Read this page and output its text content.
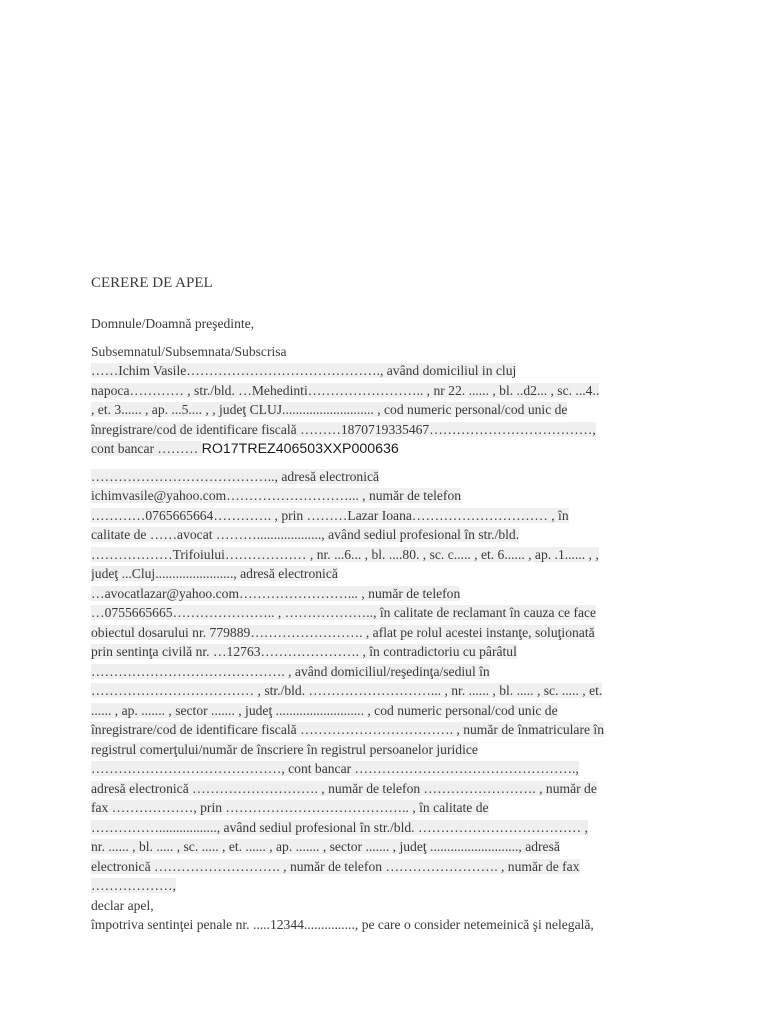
CERERE DE APEL
Domnule/Doamnă preşedinte,
Subsemnatul/Subsemnata/Subscrisa
……Ichim Vasile……………………………………., având domiciliul in cluj
napoca………… , str./bld. …Mehedinti…………………….. , nr 22. ...... , bl. ..d2... , sc. ...4..
, et. 3...... , ap. ...5.... , , judeţ CLUJ........................... , cod numeric personal/cod unic de
înregistrare/cod de identificare fiscală ………1870719335467………………………………,
cont bancar ……… RO17TREZ406503XXP000636
………………………………….., adresă electronică
ichimvasile@yahoo.com………………………... , număr de telefon
…………0765665664…………. , prin ………Lazar Ioana………………………… , în
calitate de ……avocat ………..................., având sediul profesional în str./bld.
………………Trifoiului……………… , nr. ...6... , bl. ....80. , sc. c..... , et. 6...... , ap. .1...... , ,
judeţ ...Cluj......................., adresă electronică
…avocatlazar@yahoo.com……………………... , număr de telefon
…0755665665………………….. , ……………….., în calitate de reclamant în cauza ce face
obiectul dosarului nr. 779889……………………. , aflat pe rolul acestei instanţe, soluţionată
prin sentinţa civilă nr. …12763…………………. , în contradictoriu cu pârâtul
……………………………………. , având domiciliul/reşedinţa/sediul în
……………………………… , str./bld. ………………………... , nr. ...... , bl. ..... , sc. ..... , et.
...... , ap. ....... , sector ....... , judeţ .......................... , cod numeric personal/cod unic de
înregistrare/cod de identificare fiscală ……………………………. , număr de înmatriculare în
registrul comerţului/număr de înscriere în registrul persoanelor juridice
……………………………………, cont bancar ………………………………………….,
adresă electronică ………………………. , număr de telefon ……………………. , număr de
fax ………………, prin ………………………………….. , în calitate de
……………................., având sediul profesional în str./bld. ……………………………… ,
nr. ...... , bl. ..... , sc. ..... , et. ...... , ap. ....... , sector ....... , judeţ .........................., adresă
electronică ………………………. , număr de telefon ……………………. , număr de fax
………………,
declar apel,
împotriva sentinţei penale nr. .....12344..............., pe care o consider netemeinică şi nelegală,
